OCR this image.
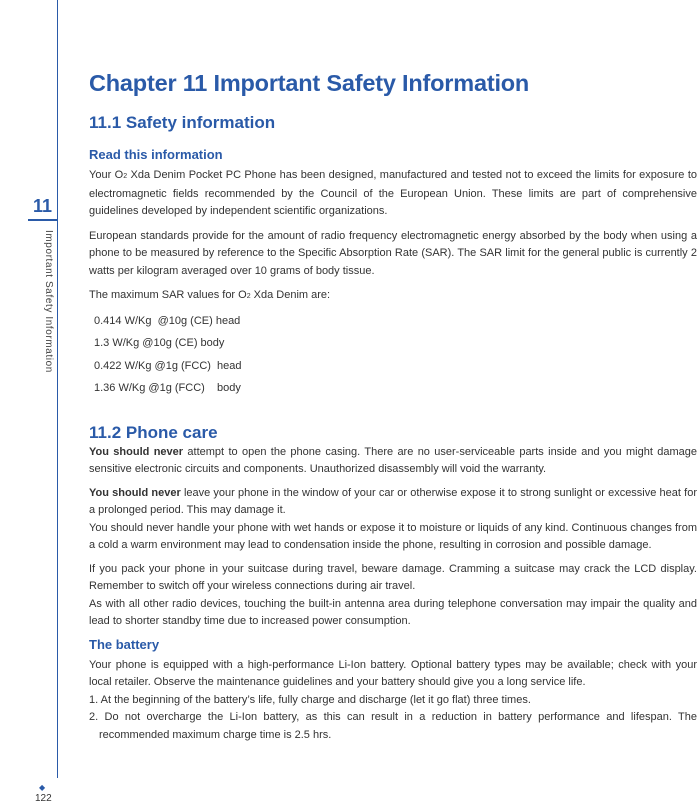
11
Important Safety Information
◆
122
Chapter 11 Important Safety Information
11.1 Safety information
Read this information

Your O2 Xda Denim Pocket PC Phone has been designed, manufactured and tested not to exceed the limits for exposure to electromagnetic fields recommended by the Council of the European Union. These limits are part of comprehensive guidelines developed by independent scientific organizations.

European standards provide for the amount of radio frequency electromagnetic energy absorbed by the body when using a phone to be measured by reference to the Specific Absorption Rate (SAR). The SAR limit for the general public is currently 2 watts per kilogram averaged over 10 grams of body tissue.

The maximum SAR values for O2 Xda Denim are:

0.414 W/Kg  @10g (CE) head
1.3 W/Kg @10g (CE) body
0.422 W/Kg @1g (FCC)  head
1.36 W/Kg @1g (FCC)    body
11.2 Phone care

You should never attempt to open the phone casing. There are no user-serviceable parts inside and you might damage sensitive electronic circuits and components. Unauthorized disassembly will void the warranty.

You should never leave your phone in the window of your car or otherwise expose it to strong sunlight or excessive heat for a prolonged period. This may damage it.

You should never handle your phone with wet hands or expose it to moisture or liquids of any kind. Continuous changes from a cold a warm environment may lead to condensation inside the phone, resulting in corrosion and possible damage.

If you pack your phone in your suitcase during travel, beware damage. Cramming a suitcase may crack the LCD display. Remember to switch off your wireless connections during air travel.

As with all other radio devices, touching the built-in antenna area during telephone conversation may impair the quality and lead to shorter standby time due to increased power consumption.

The battery

Your phone is equipped with a high-performance Li-Ion battery. Optional battery types may be available; check with your local retailer. Observe the maintenance guidelines and your battery should give you a long service life.

1. At the beginning of the battery’s life, fully charge and discharge (let it go flat) three times.
2. Do not overcharge the Li-Ion battery, as this can result in a reduction in battery performance and lifespan. The recommended maximum charge time is 2.5 hrs.
